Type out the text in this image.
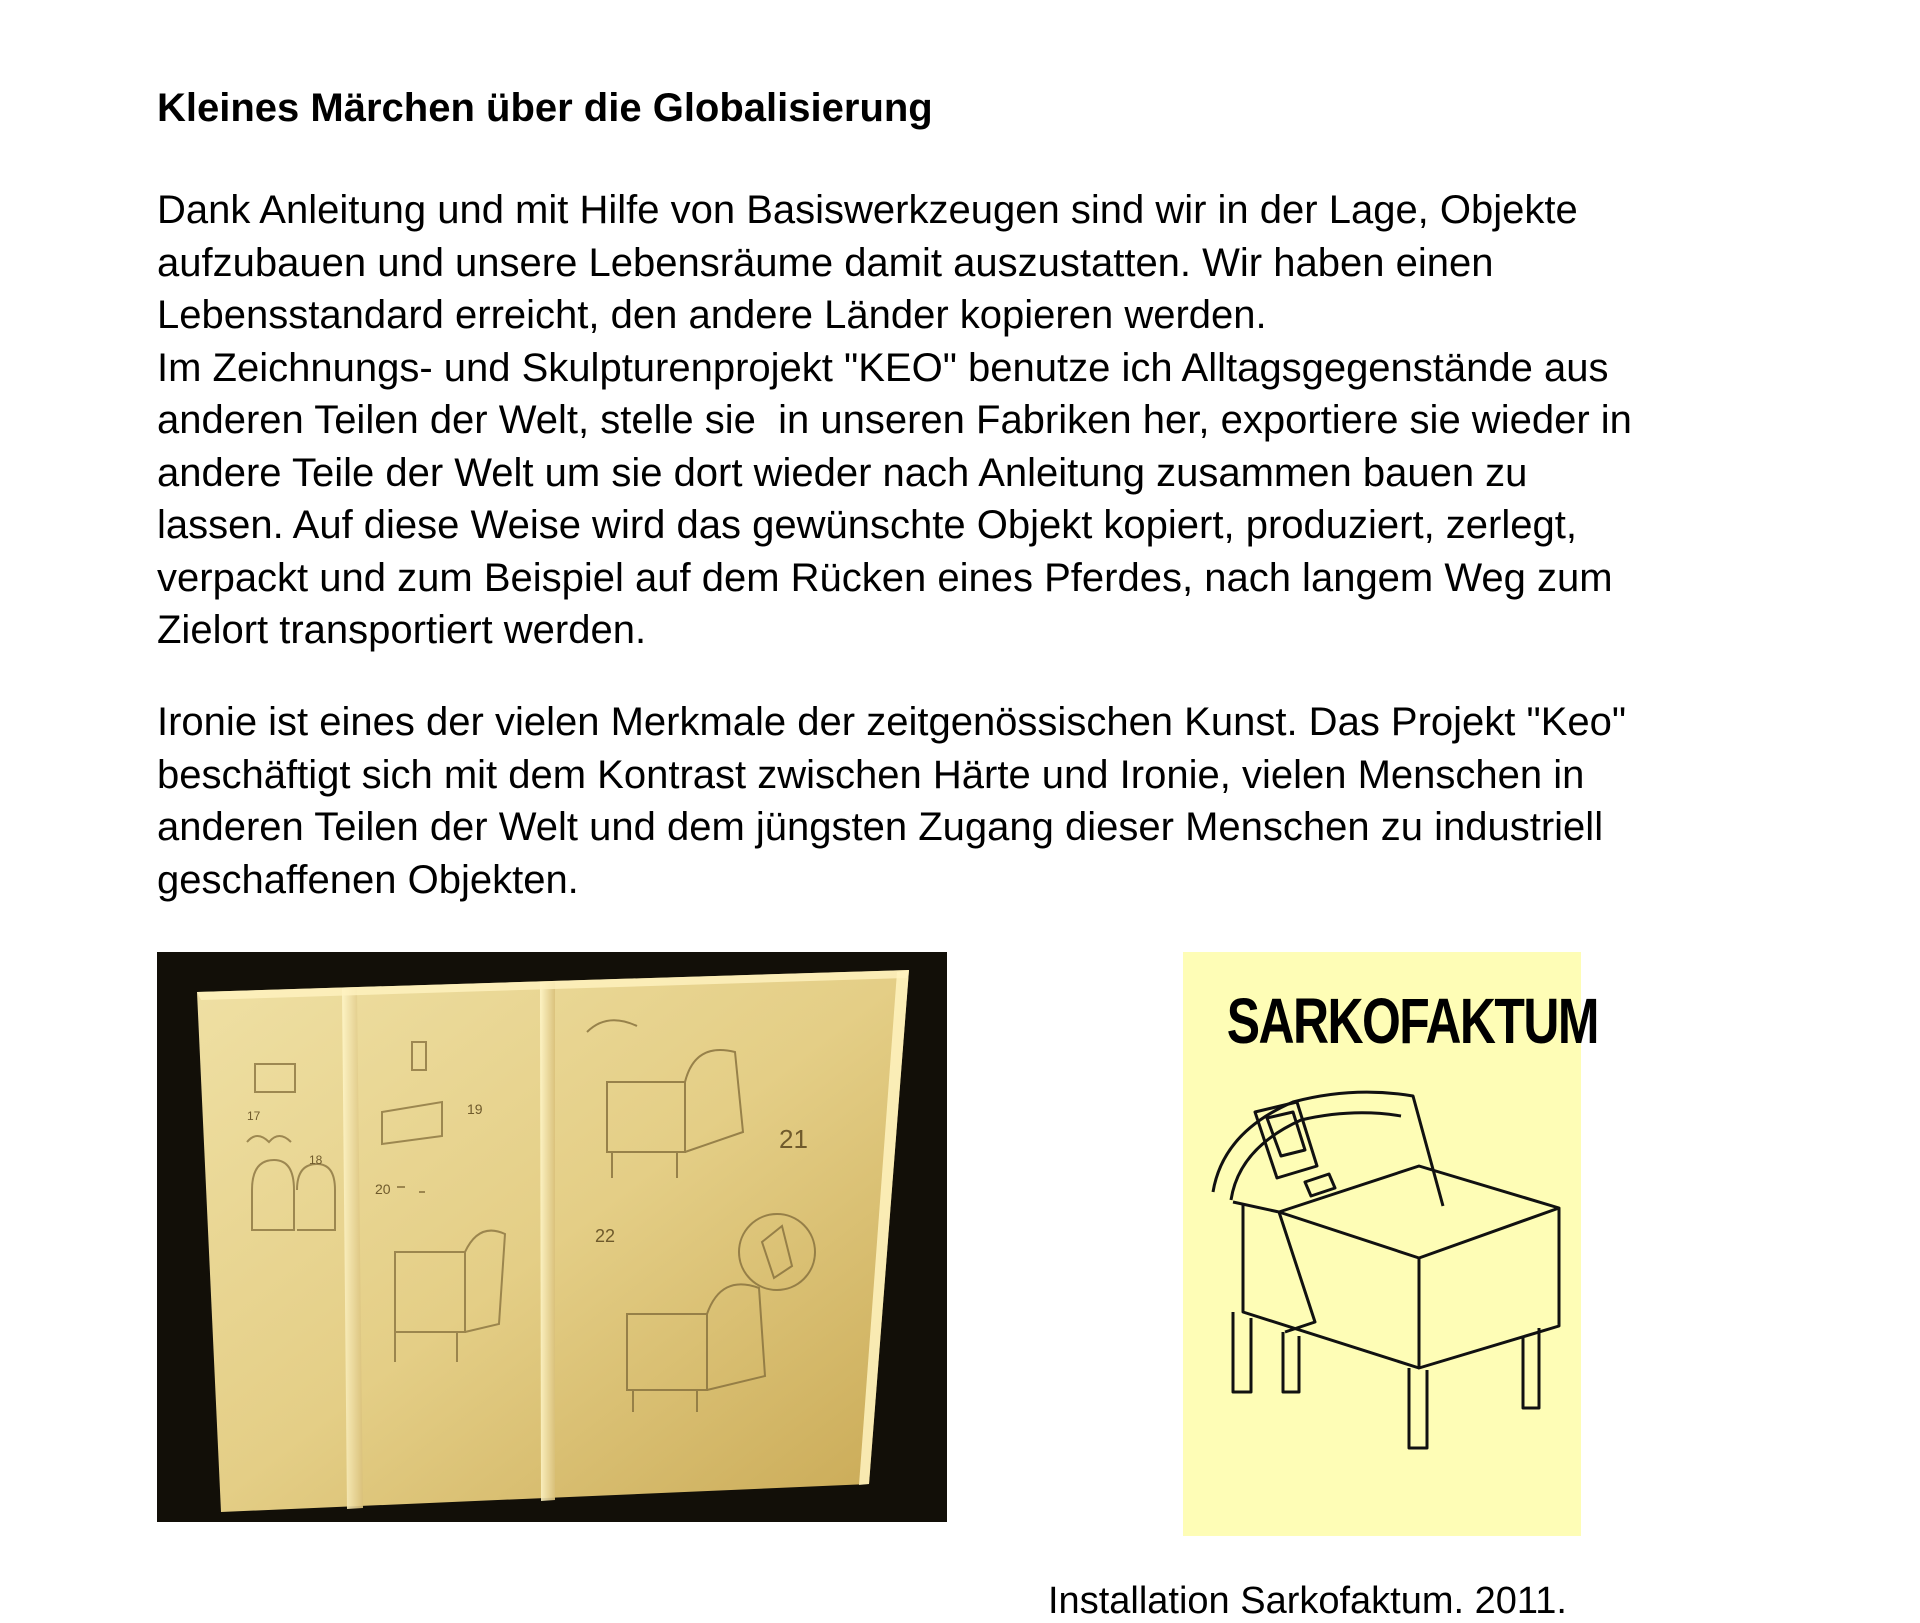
Kleines Märchen über die Globalisierung

Dank Anleitung und mit Hilfe von Basiswerkzeugen sind wir in der Lage, Objekte
aufzubauen und unsere Lebensräume damit auszustatten. Wir haben einen
Lebensstandard erreicht, den andere Länder kopieren werden.
Im Zeichnungs- und Skulpturenprojekt "KEO" benutze ich Alltagsgegenstände aus
anderen Teilen der Welt, stelle sie  in unseren Fabriken her, exportiere sie wieder in
andere Teile der Welt um sie dort wieder nach Anleitung zusammen bauen zu
lassen. Auf diese Weise wird das gewünschte Objekt kopiert, produziert, zerlegt,
verpackt und zum Beispiel auf dem Rücken eines Pferdes, nach langem Weg zum
Zielort transportiert werden.

Ironie ist eines der vielen Merkmale der zeitgenössischen Kunst. Das Projekt "Keo"
beschäftigt sich mit dem Kontrast zwischen Härte und Ironie, vielen Menschen in
anderen Teilen der Welt und dem jüngsten Zugang dieser Menschen zu industriell
geschaffenen Objekten.

17
18
19
20
21
22
SARKOFAKTUM

Installation Sarkofaktum. 2011.
